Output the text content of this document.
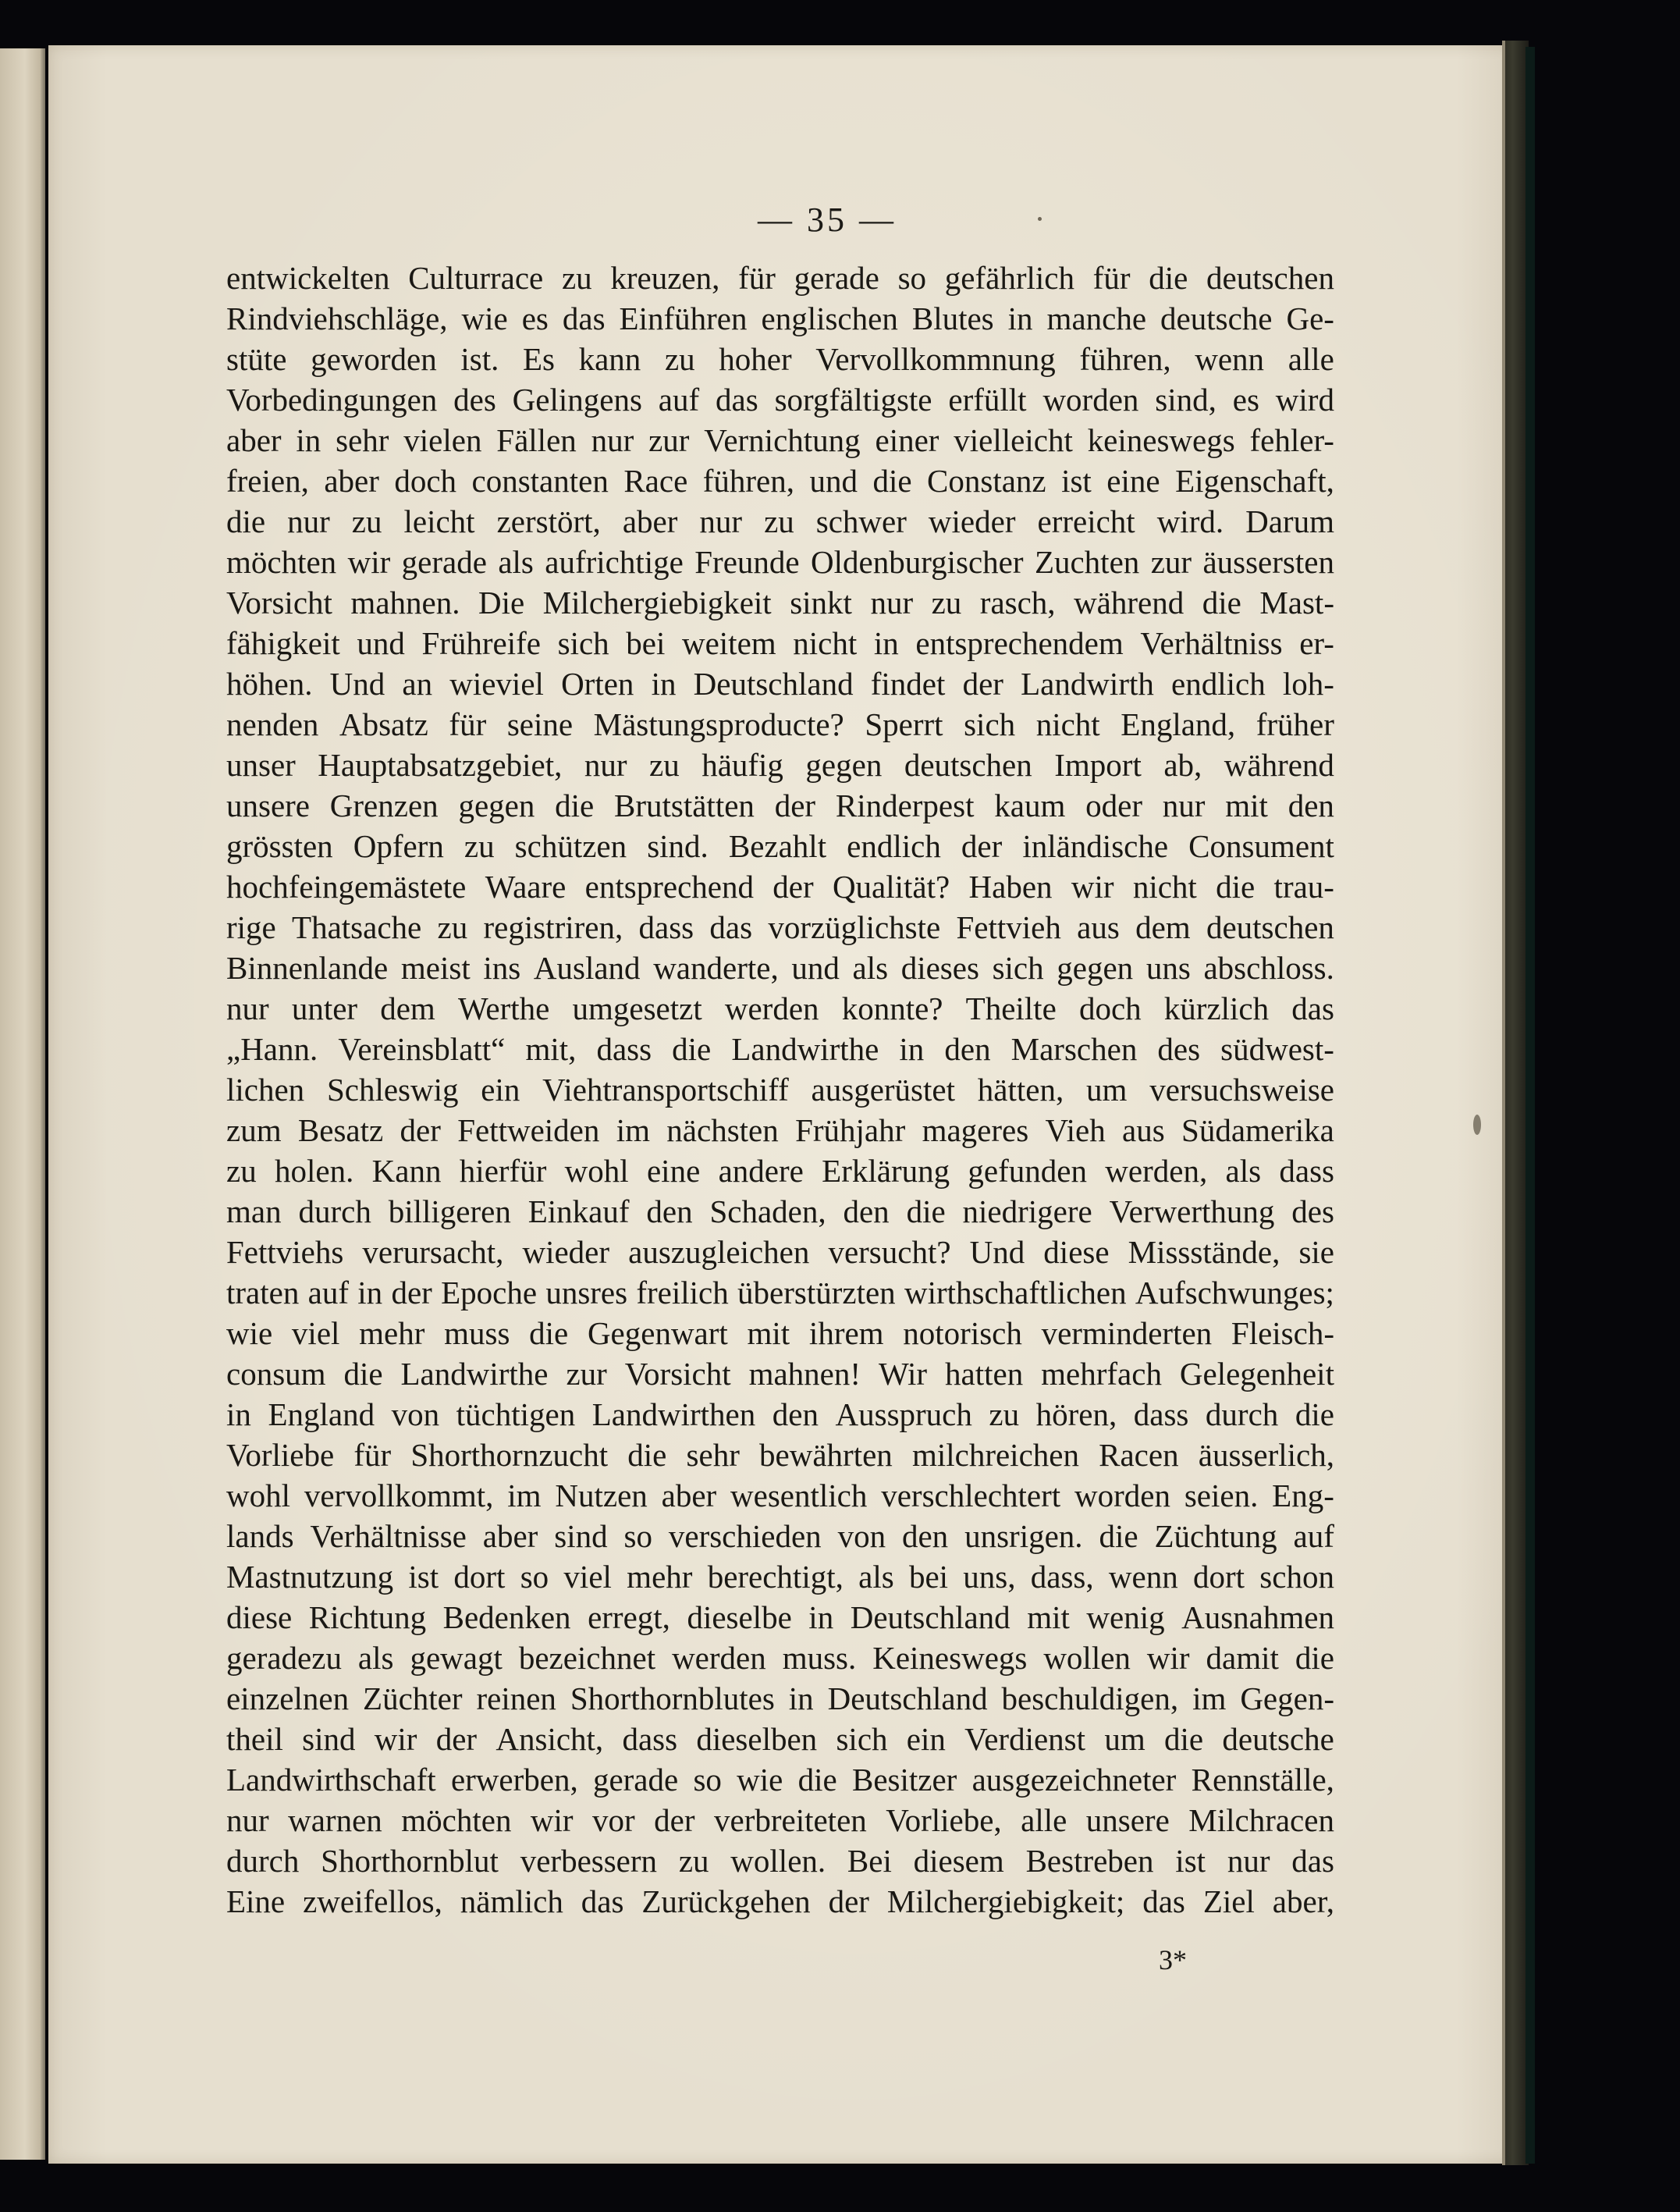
— 35 —
entwickelten Culturrace zu kreuzen, für gerade so gefährlich für die deutschen
Rindviehschläge, wie es das Einführen englischen Blutes in manche deutsche Ge-
stüte geworden ist. Es kann zu hoher Vervollkommnung führen, wenn alle
Vorbedingungen des Gelingens auf das sorgfältigste erfüllt worden sind, es wird
aber in sehr vielen Fällen nur zur Vernichtung einer vielleicht keineswegs fehler-
freien, aber doch constanten Race führen, und die Constanz ist eine Eigenschaft,
die nur zu leicht zerstört, aber nur zu schwer wieder erreicht wird. Darum
möchten wir gerade als aufrichtige Freunde Oldenburgischer Zuchten zur äussersten
Vorsicht mahnen. Die Milchergiebigkeit sinkt nur zu rasch, während die Mast-
fähigkeit und Frühreife sich bei weitem nicht in entsprechendem Verhältniss er-
höhen. Und an wieviel Orten in Deutschland findet der Landwirth endlich loh-
nenden Absatz für seine Mästungsproducte? Sperrt sich nicht England, früher
unser Hauptabsatzgebiet, nur zu häufig gegen deutschen Import ab, während
unsere Grenzen gegen die Brutstätten der Rinderpest kaum oder nur mit den
grössten Opfern zu schützen sind. Bezahlt endlich der inländische Consument
hochfeingemästete Waare entsprechend der Qualität? Haben wir nicht die trau-
rige Thatsache zu registriren, dass das vorzüglichste Fettvieh aus dem deutschen
Binnenlande meist ins Ausland wanderte, und als dieses sich gegen uns abschloss.
nur unter dem Werthe umgesetzt werden konnte? Theilte doch kürzlich das
„Hann. Vereinsblatt“ mit, dass die Landwirthe in den Marschen des südwest-
lichen Schleswig ein Viehtransportschiff ausgerüstet hätten, um versuchsweise
zum Besatz der Fettweiden im nächsten Frühjahr mageres Vieh aus Südamerika
zu holen. Kann hierfür wohl eine andere Erklärung gefunden werden, als dass
man durch billigeren Einkauf den Schaden, den die niedrigere Verwerthung des
Fettviehs verursacht, wieder auszugleichen versucht? Und diese Missstände, sie
traten auf in der Epoche unsres freilich überstürzten wirthschaftlichen Aufschwunges;
wie viel mehr muss die Gegenwart mit ihrem notorisch verminderten Fleisch-
consum die Landwirthe zur Vorsicht mahnen! Wir hatten mehrfach Gelegenheit
in England von tüchtigen Landwirthen den Ausspruch zu hören, dass durch die
Vorliebe für Shorthornzucht die sehr bewährten milchreichen Racen äusserlich,
wohl vervollkommt, im Nutzen aber wesentlich verschlechtert worden seien. Eng-
lands Verhältnisse aber sind so verschieden von den unsrigen. die Züchtung auf
Mastnutzung ist dort so viel mehr berechtigt, als bei uns, dass, wenn dort schon
diese Richtung Bedenken erregt, dieselbe in Deutschland mit wenig Ausnahmen
geradezu als gewagt bezeichnet werden muss. Keineswegs wollen wir damit die
einzelnen Züchter reinen Shorthornblutes in Deutschland beschuldigen, im Gegen-
theil sind wir der Ansicht, dass dieselben sich ein Verdienst um die deutsche
Landwirthschaft erwerben, gerade so wie die Besitzer ausgezeichneter Rennställe,
nur warnen möchten wir vor der verbreiteten Vorliebe, alle unsere Milchracen
durch Shorthornblut verbessern zu wollen. Bei diesem Bestreben ist nur das
Eine zweifellos, nämlich das Zurückgehen der Milchergiebigkeit; das Ziel aber,
3*
